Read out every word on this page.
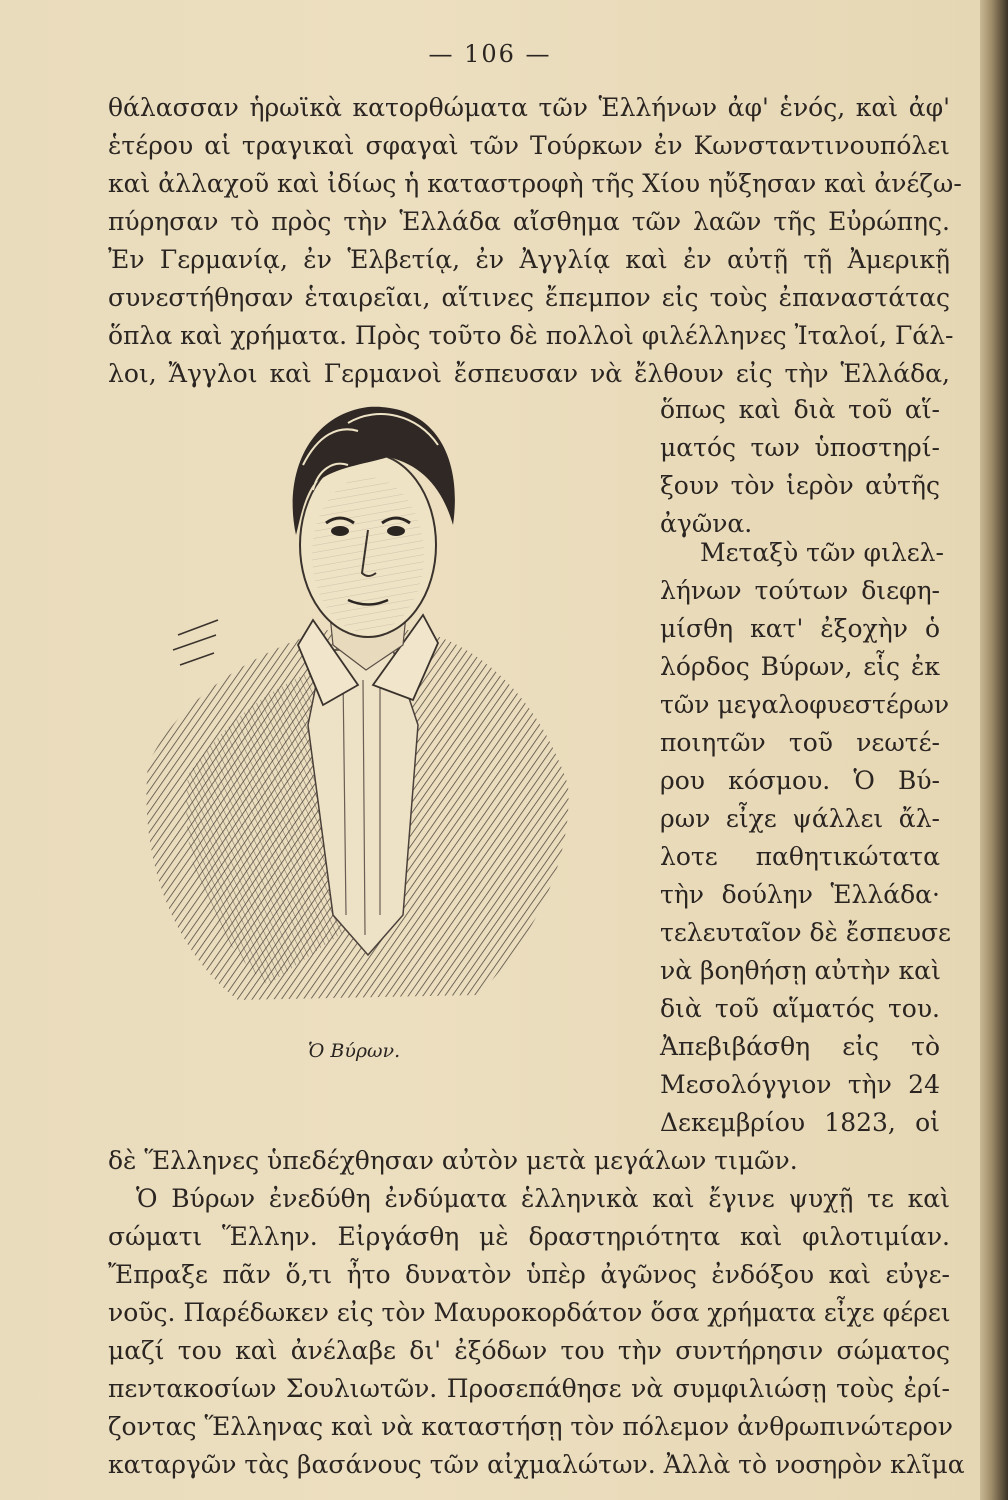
— 106 —
θάλασσαν ἡρωϊκὰ κατορθώματα τῶν Ἑλλήνων ἀφ' ἑνός, καὶ ἀφ'
ἑτέρου αἱ τραγικαὶ σφαγαὶ τῶν Τούρκων ἐν Κωνσταντινουπόλει
καὶ ἀλλαχοῦ καὶ ἰδίως ἡ καταστροφὴ τῆς Χίου ηὔξησαν καὶ ἀνέζω-
πύρησαν τὸ πρὸς τὴν Ἑλλάδα αἴσθημα τῶν λαῶν τῆς Εὐρώπης.
Ἐν Γερμανίᾳ, ἐν Ἑλβετίᾳ, ἐν Ἀγγλίᾳ καὶ ἐν αὐτῇ τῇ Ἀμερικῇ
συνεστήθησαν ἑταιρεῖαι, αἵτινες ἔπεμπον εἰς τοὺς ἐπαναστάτας
ὅπλα καὶ χρήματα. Πρὸς τοῦτο δὲ πολλοὶ φιλέλληνες Ἰταλοί, Γάλ-
λοι, Ἄγγλοι καὶ Γερμανοὶ ἔσπευσαν νὰ ἔλθουν εἰς τὴν Ἑλλάδα,
Ὁ Βύρων.
ὅπως καὶ διὰ τοῦ αἵ-
ματός των ὑποστηρί-
ξουν τὸν ἱερὸν αὐτῆς
ἀγῶνα.
Μεταξὺ τῶν φιλελ-
λήνων τούτων διεφη-
μίσθη κατ' ἐξοχὴν ὁ
λόρδος Βύρων, εἷς ἐκ
τῶν μεγαλοφυεστέρων
ποιητῶν τοῦ νεωτέ-
ρου κόσμου. Ὁ Βύ-
ρων εἶχε ψάλλει ἄλ-
λοτε παθητικώτατα
τὴν δούλην Ἑλλάδα·
τελευταῖον δὲ ἔσπευσε
νὰ βοηθήσῃ αὐτὴν καὶ
διὰ τοῦ αἵματός του.
Ἀπεβιβάσθη εἰς τὸ
Μεσολόγγιον τὴν 24
Δεκεμβρίου 1823, οἱ
δὲ Ἕλληνες ὑπεδέχθησαν αὐτὸν μετὰ μεγάλων τιμῶν.
Ὁ Βύρων ἐνεδύθη ἐνδύματα ἑλληνικὰ καὶ ἔγινε ψυχῇ τε καὶ
σώματι Ἕλλην. Εἰργάσθη μὲ δραστηριότητα καὶ φιλοτιμίαν.
Ἔπραξε πᾶν ὅ,τι ἦτο δυνατὸν ὑπὲρ ἀγῶνος ἐνδόξου καὶ εὐγε-
νοῦς. Παρέδωκεν εἰς τὸν Μαυροκορδάτον ὅσα χρήματα εἶχε φέρει
μαζί του καὶ ἀνέλαβε δι' ἐξόδων του τὴν συντήρησιν σώματος
πεντακοσίων Σουλιωτῶν. Προσεπάθησε νὰ συμφιλιώσῃ τοὺς ἐρί-
ζοντας Ἕλληνας καὶ νὰ καταστήσῃ τὸν πόλεμον ἀνθρωπινώτερον
καταργῶν τὰς βασάνους τῶν αἰχμαλώτων. Ἀλλὰ τὸ νοσηρὸν κλῖμα
